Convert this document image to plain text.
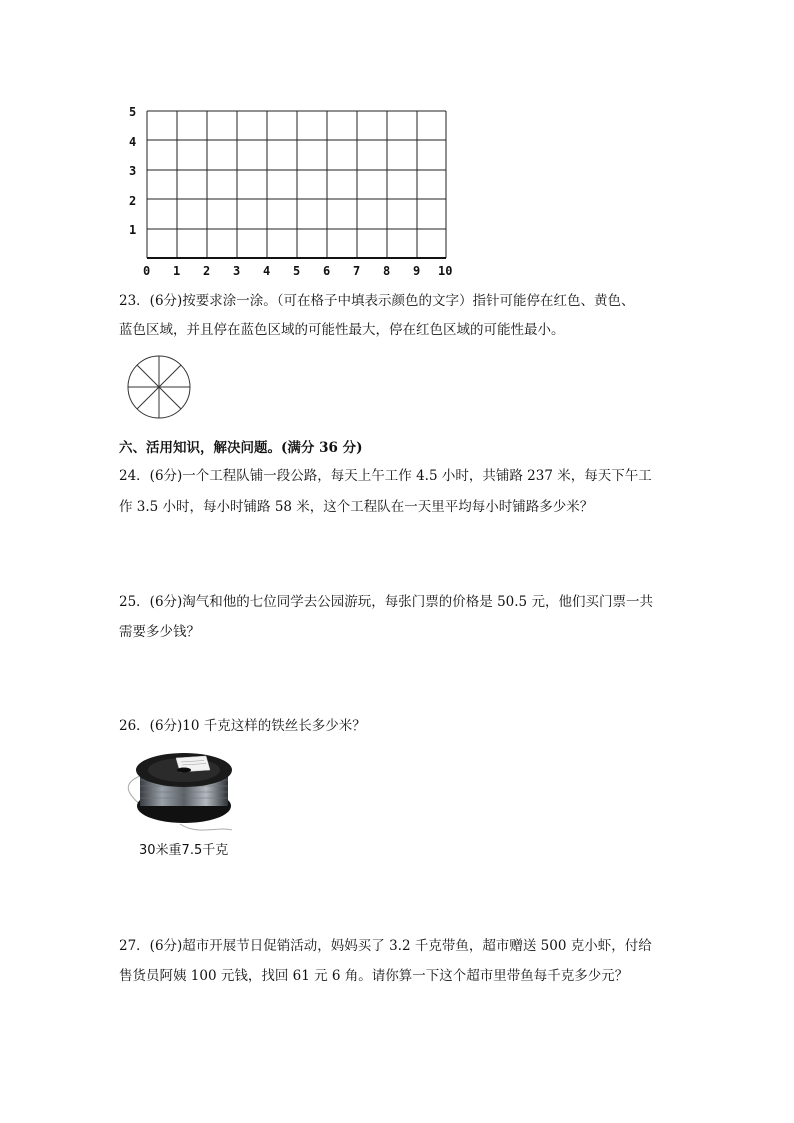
5
4
3
2
1
0 1 2 3 4 5 6 7 8 9 10
23．(6分)按要求涂一涂。（可在格子中填表示颜色的文字）指针可能停在红色、黄色、
蓝色区域，并且停在蓝色区域的可能性最大，停在红色区域的可能性最小。
六、活用知识，解决问题。(满分 36 分)
24．(6分)一个工程队铺一段公路，每天上午工作 4.5 小时，共铺路 237 米，每天下午工
作 3.5 小时，每小时铺路 58 米，这个工程队在一天里平均每小时铺路多少米？
25．(6分)淘气和他的七位同学去公园游玩，每张门票的价格是 50.5 元，他们买门票一共
需要多少钱？
26．(6分)10 千克这样的铁丝长多少米？
30米重7.5千克
27．(6分)超市开展节日促销活动，妈妈买了 3.2 千克带鱼，超市赠送 500 克小虾，付给
售货员阿姨 100 元钱，找回 61 元 6 角。请你算一下这个超市里带鱼每千克多少元？
